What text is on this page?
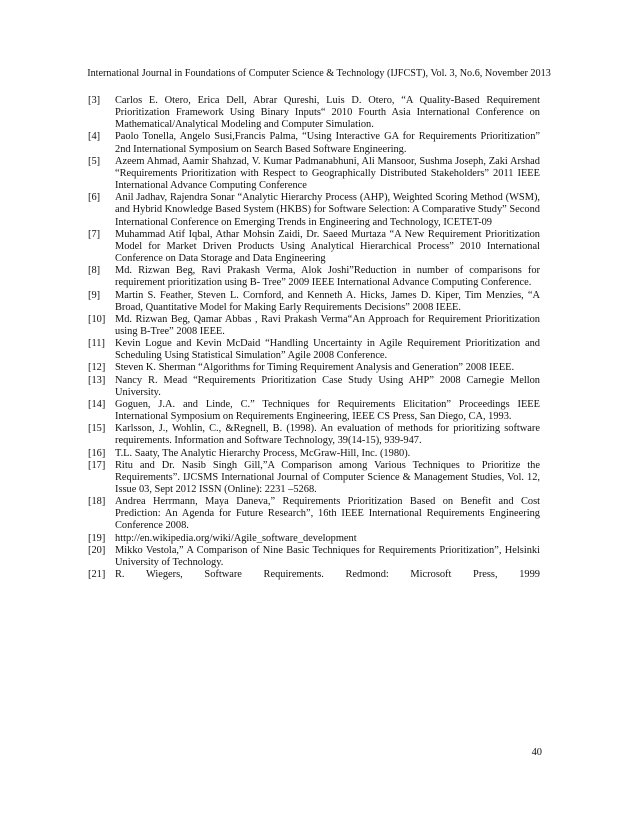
International Journal in Foundations of Computer Science & Technology (IJFCST), Vol. 3, No.6, November 2013
[3] Carlos E. Otero, Erica Dell, Abrar Qureshi, Luis D. Otero, “A Quality-Based Requirement Prioritization Framework Using Binary Inputs“ 2010 Fourth Asia International Conference on Mathematical/Analytical Modeling and Computer Simulation.
[4] Paolo Tonella, Angelo Susi,Francis Palma, “Using Interactive GA for Requirements Prioritization” 2nd International Symposium on Search Based Software Engineering.
[5] Azeem Ahmad, Aamir Shahzad, V. Kumar Padmanabhuni, Ali Mansoor, Sushma Joseph, Zaki Arshad “Requirements Prioritization with Respect to Geographically Distributed Stakeholders” 2011 IEEE International Advance Computing Conference
[6] Anil Jadhav, Rajendra Sonar “Analytic Hierarchy Process (AHP), Weighted Scoring Method (WSM), and Hybrid Knowledge Based System (HKBS) for Software Selection: A Comparative Study” Second International Conference on Emerging Trends in Engineering and Technology, ICETET-09
[7] Muhammad Atif Iqbal, Athar Mohsin Zaidi, Dr. Saeed Murtaza “A New Requirement Prioritization Model for Market Driven Products Using Analytical Hierarchical Process” 2010 International Conference on Data Storage and Data Engineering
[8] Md. Rizwan Beg, Ravi Prakash Verma, Alok Joshi”Reduction in number of comparisons for requirement prioritization using B- Tree” 2009 IEEE International Advance Computing Conference.
[9] Martin S. Feather, Steven L. Cornford, and Kenneth A. Hicks, James D. Kiper, Tim Menzies, “A Broad, Quantitative Model for Making Early Requirements Decisions” 2008 IEEE.
[10] Md. Rizwan Beg, Qamar Abbas , Ravi Prakash Verma“An Approach for Requirement Prioritization using B-Tree” 2008 IEEE.
[11] Kevin Logue and Kevin McDaid “Handling Uncertainty in Agile Requirement Prioritization and Scheduling Using Statistical Simulation” Agile 2008 Conference.
[12] Steven K. Sherman “Algorithms for Timing Requirement Analysis and Generation” 2008 IEEE.
[13] Nancy R. Mead “Requirements Prioritization Case Study Using AHP” 2008 Carnegie Mellon University.
[14] Goguen, J.A. and Linde, C.” Techniques for Requirements Elicitation” Proceedings IEEE International Symposium on Requirements Engineering, IEEE CS Press, San Diego, CA, 1993.
[15] Karlsson, J., Wohlin, C., &Regnell, B. (1998). An evaluation of methods for prioritizing software requirements. Information and Software Technology, 39(14-15), 939-947.
[16] T.L. Saaty, The Analytic Hierarchy Process, McGraw-Hill, Inc. (1980).
[17] Ritu and Dr. Nasib Singh Gill,”A Comparison among Various Techniques to Prioritize the Requirements”. IJCSMS International Journal of Computer Science & Management Studies, Vol. 12, Issue 03, Sept 2012 ISSN (Online): 2231 –5268.
[18] Andrea Herrmann, Maya Daneva,” Requirements Prioritization Based on Benefit and Cost Prediction: An Agenda for Future Research”, 16th IEEE International Requirements Engineering Conference 2008.
[19] http://en.wikipedia.org/wiki/Agile_software_development
[20] Mikko Vestola,” A Comparison of Nine Basic Techniques for Requirements Prioritization”, Helsinki University of Technology.
[21] R. Wiegers, Software Requirements. Redmond: Microsoft Press, 1999
40
